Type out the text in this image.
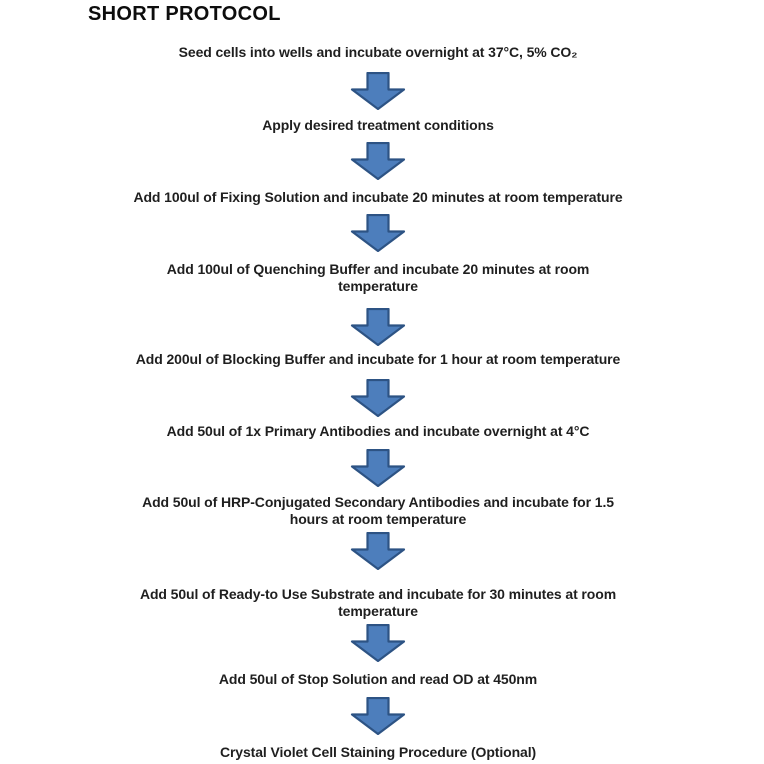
SHORT PROTOCOL
Seed cells into wells and incubate overnight at 37°C, 5% CO₂
Apply desired treatment conditions
Add 100ul of Fixing Solution and incubate 20 minutes at room temperature
Add 100ul of Quenching Buffer and incubate 20 minutes at room
temperature
Add 200ul of Blocking Buffer and incubate for 1 hour at room temperature
Add 50ul of 1x Primary Antibodies and incubate overnight at 4°C
Add 50ul of HRP-Conjugated Secondary Antibodies and incubate for 1.5
hours at room temperature
Add 50ul of Ready-to Use Substrate and incubate for 30 minutes at room
temperature
Add 50ul of Stop Solution and read OD at 450nm
Crystal Violet Cell Staining Procedure (Optional)
